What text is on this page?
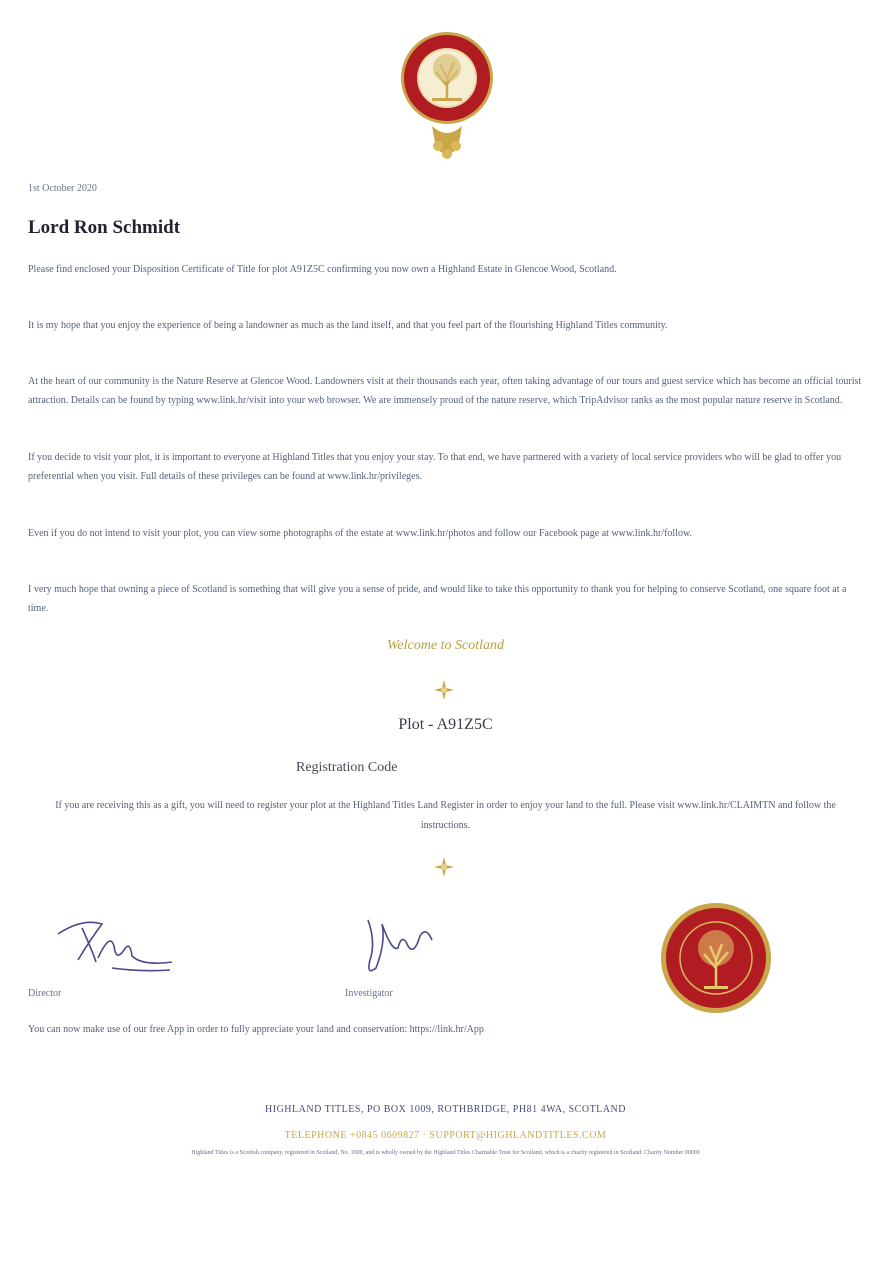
1st October 2020
Lord Ron Schmidt

Please find enclosed your Disposition Certificate of Title for plot A91Z5C confirming you now own a Highland Estate in Glencoe Wood, Scotland.

It is my hope that you enjoy the experience of being a landowner as much as the land itself, and that you feel part of the flourishing Highland Titles community.

At the heart of our community is the Nature Reserve at Glencoe Wood. Landowners visit at their thousands each year, often taking advantage of our tours and guest service which has become an official tourist attraction. Details can be found by typing www.link.hr/visit into your web browser. We are immensely proud of the nature reserve, which TripAdvisor ranks as the most popular nature reserve in Scotland.

If you decide to visit your plot, it is important to everyone at Highland Titles that you enjoy your stay. To that end, we have partnered with a variety of local service providers who will be glad to offer you preferential when you visit. Full details of these privileges can be found at www.link.hr/privileges.

Even if you do not intend to visit your plot, you can view some photographs of the estate at www.link.hr/photos and follow our Facebook page at www.link.hr/follow.

I very much hope that owning a piece of Scotland is something that will give you a sense of pride, and would like to take this opportunity to thank you for helping to conserve Scotland, one square foot at a time.

Welcome to Scotland
Plot - A91Z5C
Registration Code

If you are receiving this as a gift, you will need to register your plot at the Highland Titles Land Register in order to enjoy your land to the full. Please visit www.link.hr/CLAIMTN and follow the instructions.

Director	Investigator
You can now make use of our free App in order to fully appreciate your land and conservation: https://link.hr/App
HIGHLAND TITLES, PO BOX 1009, ROTHBRIDGE, PH81 4WA, SCOTLAND
TELEPHONE +0845 0609827 · SUPPORT@HIGHLANDTITLES.COM
Highland Titles is a Scottish company, registered in Scotland, No. 1000, and is wholly owned by the Highland Titles Charitable Trust for Scotland, which is a charity registered in Scotland. Charity Number 00000
